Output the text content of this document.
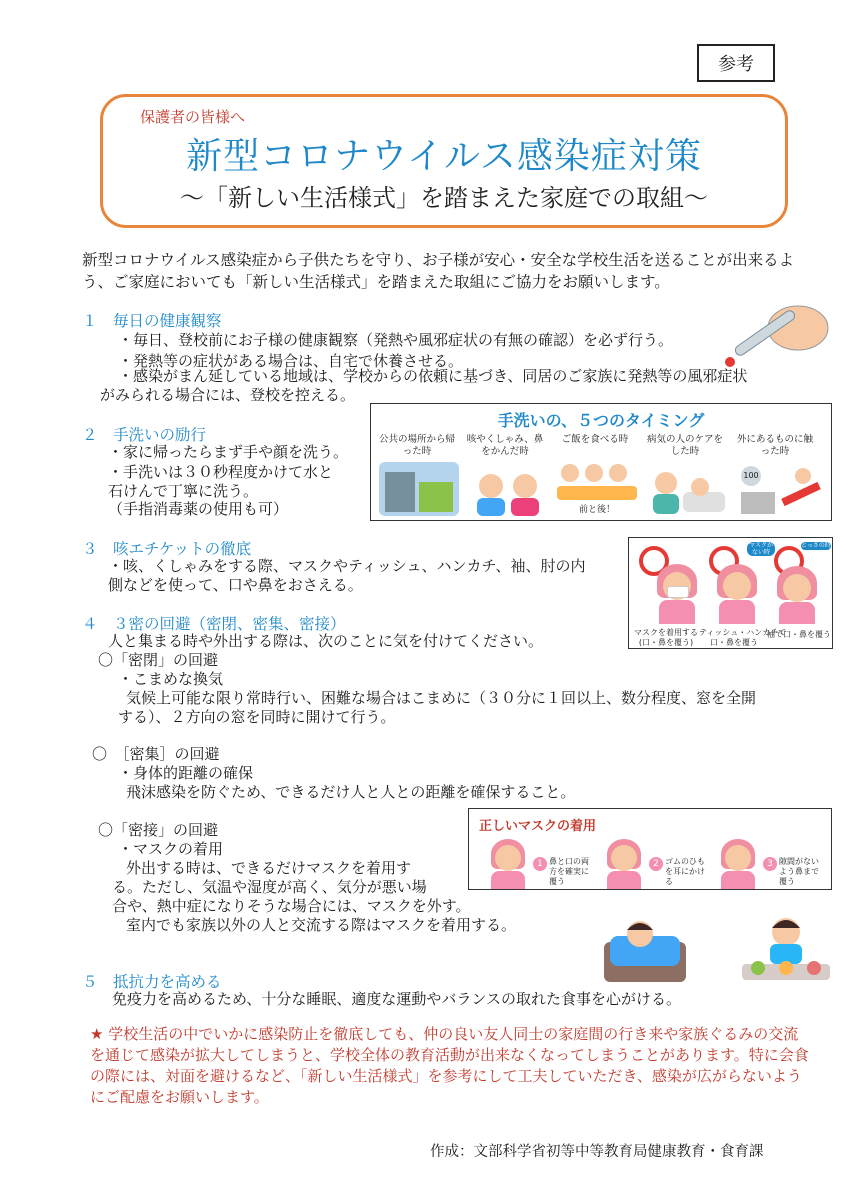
参考
保護者の皆様へ
新型コロナウイルス感染症対策
～「新しい生活様式」を踏まえた家庭での取組～
新型コロナウイルス感染症から子供たちを守り、お子様が安心・安全な学校生活を送ることが出来るよう、ご家庭においても「新しい生活様式」を踏まえた取組にご協力をお願いします。
１　毎日の健康観察
・毎日、登校前にお子様の健康観察（発熱や風邪症状の有無の確認）を必ず行う。
・発熱等の症状がある場合は、自宅で休養させる。
・感染がまん延している地域は、学校からの依頼に基づき、同居のご家族に発熱等の風邪症状
がみられる場合には、登校を控える。
２　手洗いの励行
・家に帰ったらまず手や顔を洗う。
・手洗いは３０秒程度かけて水と
石けんで丁寧に洗う。
（手指消毒薬の使用も可）
手洗いの、５つのタイミング
公共の場所から帰った時
咳やくしゃみ、鼻をかんだ時
ご飯を食べる時	病気の人のケアをした時
外にあるものに触った時
前と後！
100
３　咳エチケットの徹底
・咳、くしゃみをする際、マスクやティッシュ、ハンカチ、袖、肘の内
側などを使って、口や鼻をおさえる。
マスクが
ない時
とっさの時
マスクを着用する
(口・鼻を覆う)
ティッシュ・ハンカチで
口・鼻を覆う
袖で口・鼻を覆う
４　３密の回避（密閉、密集、密接）
人と集まる時や外出する際は、次のことに気を付けてください。
〇「密閉」の回避
・こまめな換気
気候上可能な限り常時行い、困難な場合はこまめに（３０分に１回以上、数分程度、窓を全開
する）、２方向の窓を同時に開けて行う。
〇　［密集］の回避
・身体的距離の確保
飛沫感染を防ぐため、できるだけ人と人との距離を確保すること。
〇「密接」の回避
・マスクの着用
外出する時は、できるだけマスクを着用す
る。ただし、気温や湿度が高く、気分が悪い場
合や、熱中症になりそうな場合には、マスクを外す。
室内でも家族以外の人と交流する際はマスクを着用する。
正しいマスクの着用
1 鼻と口の両方を確実に覆う
2 ゴムのひもを耳にかける
3 隙間がないよう鼻まで覆う
５　抵抗力を高める
免疫力を高めるため、十分な睡眠、適度な運動やバランスの取れた食事を心がける。
★ 学校生活の中でいかに感染防止を徹底しても、仲の良い友人同士の家庭間の行き来や家族ぐるみの交流を通じて感染が拡大してしまうと、学校全体の教育活動が出来なくなってしまうことがあります。特に会食の際には、対面を避けるなど、「新しい生活様式」を参考にして工夫していただき、感染が広がらないようにご配慮をお願いします。
作成：文部科学省初等中等教育局健康教育・食育課
